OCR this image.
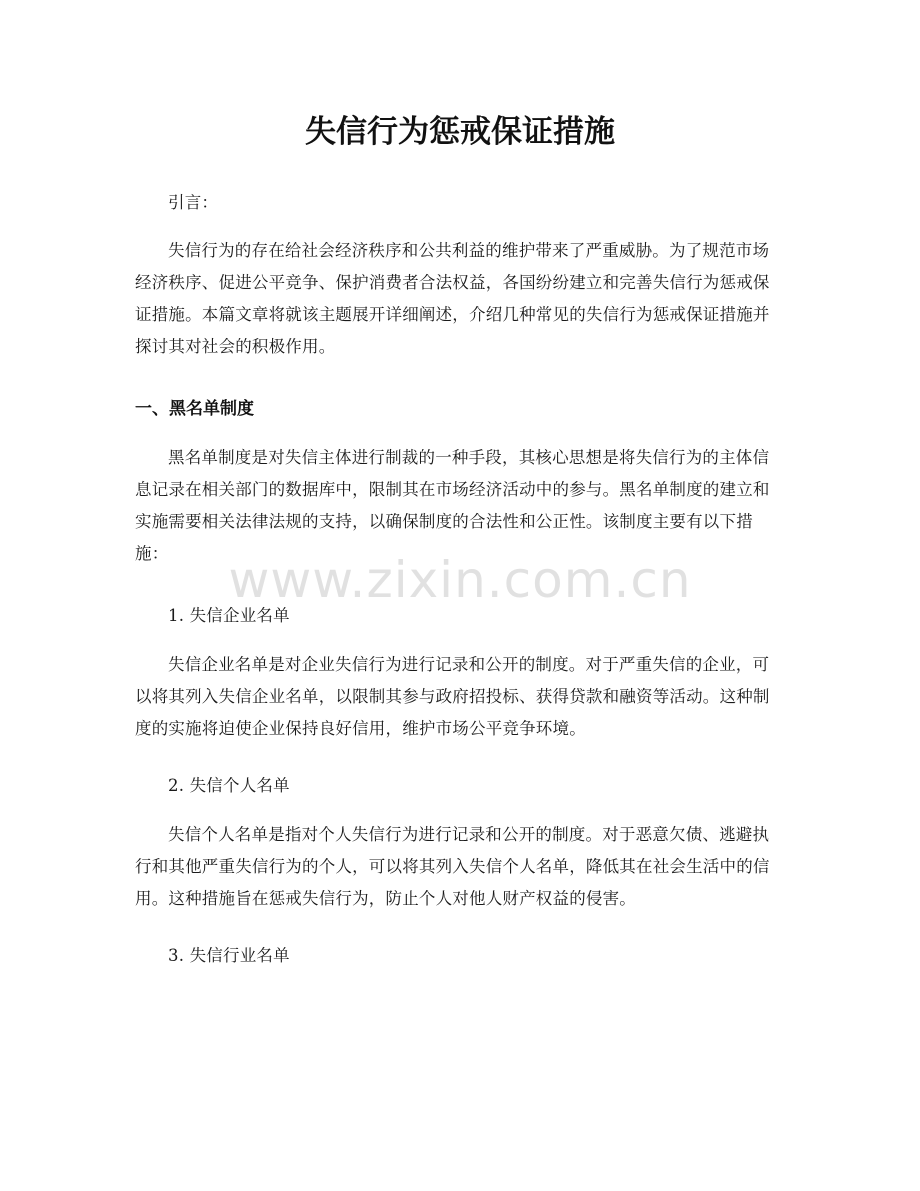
失信行为惩戒保证措施

引言：

失信行为的存在给社会经济秩序和公共利益的维护带来了严重威胁。为了规范市场经济秩序、促进公平竞争、保护消费者合法权益，各国纷纷建立和完善失信行为惩戒保证措施。本篇文章将就该主题展开详细阐述，介绍几种常见的失信行为惩戒保证措施并探讨其对社会的积极作用。

一、黑名单制度

黑名单制度是对失信主体进行制裁的一种手段，其核心思想是将失信行为的主体信息记录在相关部门的数据库中，限制其在市场经济活动中的参与。黑名单制度的建立和实施需要相关法律法规的支持，以确保制度的合法性和公正性。该制度主要有以下措施：

1. 失信企业名单

失信企业名单是对企业失信行为进行记录和公开的制度。对于严重失信的企业，可以将其列入失信企业名单，以限制其参与政府招投标、获得贷款和融资等活动。这种制度的实施将迫使企业保持良好信用，维护市场公平竞争环境。

2. 失信个人名单

失信个人名单是指对个人失信行为进行记录和公开的制度。对于恶意欠债、逃避执行和其他严重失信行为的个人，可以将其列入失信个人名单，降低其在社会生活中的信用。这种措施旨在惩戒失信行为，防止个人对他人财产权益的侵害。

3. 失信行业名单

www.zixin.com.cn
